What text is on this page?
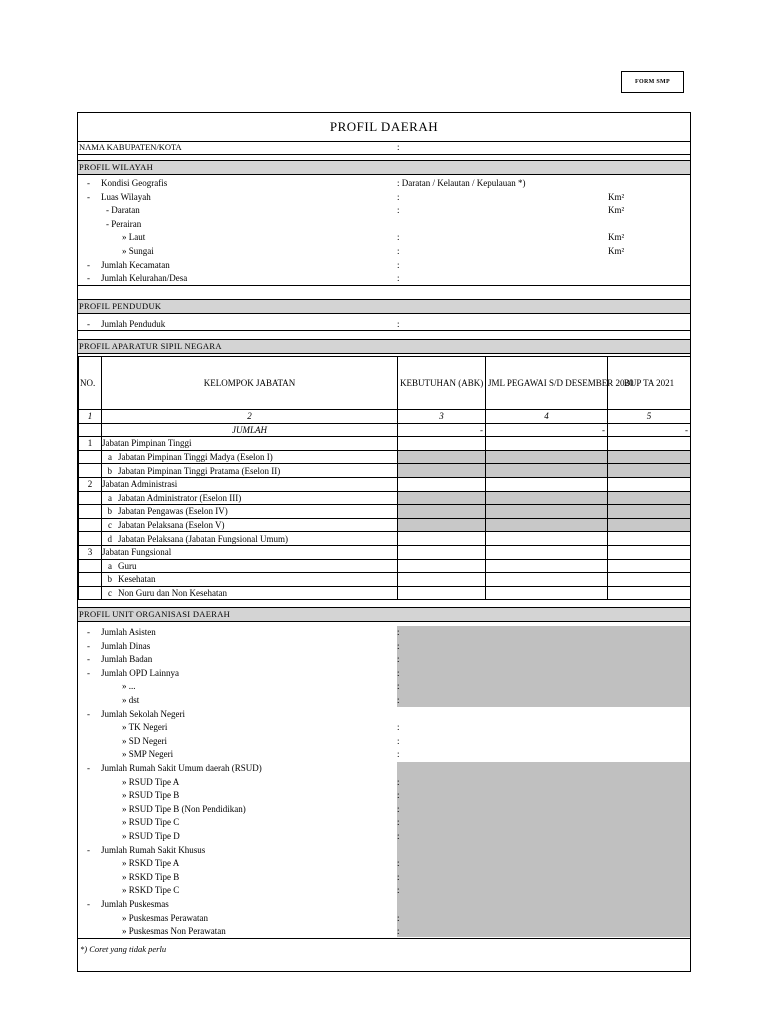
FORM SMP
PROFIL DAERAH
NAMA KABUPATEN/KOTA	:
PROFIL WILAYAH
- Kondisi Geografis	: Daratan / Kelautan / Kepulauan *)
- Luas Wilayah	:	Km²
- Daratan	:	Km²
- Perairan
» Laut	:	Km²
» Sungai	:	Km²
- Jumlah Kecamatan	:
- Jumlah Kelurahan/Desa	:
PROFIL PENDUDUK
- Jumlah Penduduk	:
PROFIL APARATUR SIPIL NEGARA
NO.	KELOMPOK JABATAN	KEBUTUHAN (ABK)	JML PEGAWAI S/D DESEMBER 2020	BUP TA 2021
1	2	3	4	5
	JUMLAH	-	-	-
1	Jabatan Pimpinan Tinggi			
	a Jabatan Pimpinan Tinggi Madya (Eselon I)			
	b Jabatan Pimpinan Tinggi Pratama (Eselon II)			
2	Jabatan Administrasi			
	a Jabatan Administrator (Eselon III)			
	b Jabatan Pengawas (Eselon IV)			
	c Jabatan Pelaksana (Eselon V)			
	d Jabatan Pelaksana (Jabatan Fungsional Umum)			
3	Jabatan Fungsional			
	a Guru			
	b Kesehatan			
	c Non Guru dan Non Kesehatan			
PROFIL UNIT ORGANISASI DAERAH
- Jumlah Asisten	:
- Jumlah Dinas	:
- Jumlah Badan	:
- Jumlah OPD Lainnya	:
» ...	:
» dst	:
- Jumlah Sekolah Negeri
» TK Negeri	:
» SD Negeri	:
» SMP Negeri	:
- Jumlah Rumah Sakit Umum daerah (RSUD)
» RSUD Tipe A	:
» RSUD Tipe B	:
» RSUD Tipe B (Non Pendidikan)	:
» RSUD Tipe C	:
» RSUD Tipe D	:
- Jumlah Rumah Sakit Khusus
» RSKD Tipe A	:
» RSKD Tipe B	:
» RSKD Tipe C	:
- Jumlah Puskesmas
» Puskesmas Perawatan	:
» Puskesmas Non Perawatan	:
*) Coret yang tidak perlu
